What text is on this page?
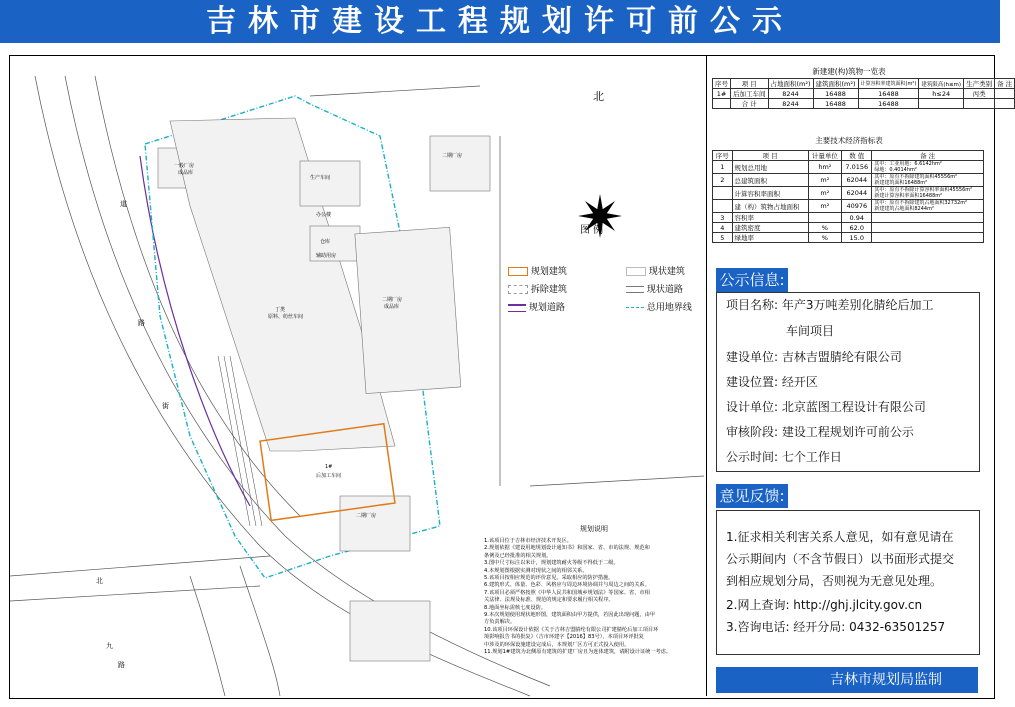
吉林市建设工程规划许可前公示
北
图 例
规划建筑
拆除建筑
规划道路
现状建筑
现状道路
总用地界线
一般厂房
成品库
生产车间
仓库
二期厂房
辅助用房
办公楼
丁类
原料、纺丝车间
二期厂房
成品库
二期厂房
1#
后加工车间
道
路
街
北
九
路
规划说明
1.该项目位于吉林市经济技术开发区。
2.规划依据《建设用地规划设计通知书》和国家、省、市的法规、规范和
条例及已经批准的相关规划。
3.图中尺寸标注以米计，规划建筑耐火等级不得低于二级。
4.本规划图根据实测对现状之间的相邻关系。
5.该项目按相应规范的评价意见，采取相应的防护措施。
6.建筑形式、体量、色彩、风格应与周边环境协调并与周边之间的关系。
7.该项目必须严格按照《中华人民共和国城乡规划法》等国家、省、市相
关法律、法规及标准、规范的规定和要求履行相关程序。
8.地面坐标需核七度设防。
9.本次规划使用现状地形图，建筑面积由甲方提供，若因此出现问题，由甲
方负责解决。
10.该项目环保设计依据《关于吉林吉盟腈纶有限公司扩建腈纶后加工项目环
境影响报告书的批复》（吉市环建字【2016】83号），本项目环评批复
中涉及的环保设施建设完成后，本规划厂区方可正式投入使用。
11.规划1#建筑为北侧原有建筑的扩建厂房且为连体建筑，请附设计证统一考虑。
新建建(构)筑物一览表
序号	项 目	占地面积(m²)	建筑面积(m²)	计算容积率建筑面积(m²)	建筑限高(h≤m)	生产类别	备 注
1#	后加工车间	8244	16488	16488	h≤24	丙类	
	合 计	8244	16488	16488			
主要技术经济指标表
序号	项 目	计量单位	数 值	备 注
1	规划总用地	hm²	7.0156	其中：工业用地：6.6142hm²
绿地：0.4014hm²
2	总建筑面积	m²	62044	其中：原有不拆除建筑面积45556m²
新建建筑面积16488m²
	计算容积率面积	m²	62044	其中：原有不拆除计算容积率面积45556m²
新建计算容积率面积16488m²
	建（构）筑物占地面积	m²	40976	其中：原有不拆除建筑占地面积32732m²
新建建筑占地面积8244m²
3	容积率		0.94	
4	建筑密度	%	62.0	
5	绿地率	%	15.0	
公示信息:
项目名称: 年产3万吨差别化腈纶后加工
车间项目
建设单位: 吉林吉盟腈纶有限公司
建设位置: 经开区
设计单位: 北京蓝图工程设计有限公司
审核阶段: 建设工程规划许可前公示
公示时间: 七个工作日
意见反馈:
1.征求相关利害关系人意见，如有意见请在
公示期间内（不含节假日）以书面形式提交
到相应规划分局，否则视为无意见处理。
2.网上查询: http://ghj.jlcity.gov.cn
3.咨询电话: 经开分局: 0432-63501257
吉林市规划局监制
